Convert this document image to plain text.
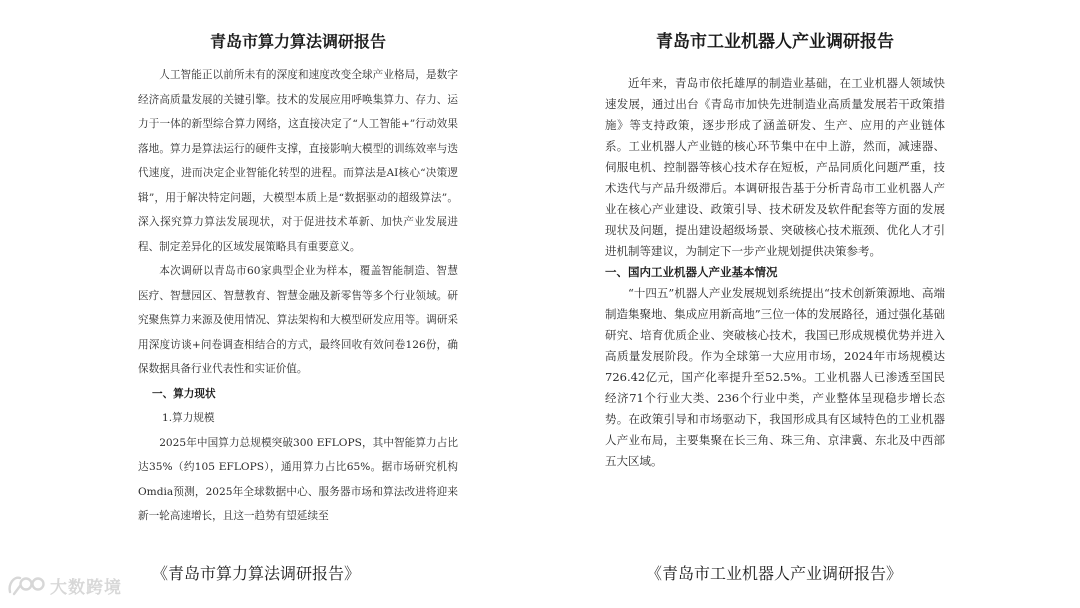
青岛市算力算法调研报告

人工智能正以前所未有的深度和速度改变全球产业格局，是数字经济高质量发展的关键引擎。技术的发展应用呼唤集算力、存力、运力于一体的新型综合算力网络，这直接决定了“人工智能+”行动效果落地。算力是算法运行的硬件支撑，直接影响大模型的训练效率与迭代速度，进而决定企业智能化转型的进程。而算法是AI核心“决策逻辑”，用于解决特定问题，大模型本质上是“数据驱动的超级算法”。深入探究算力算法发展现状，对于促进技术革新、加快产业发展进程、制定差异化的区域发展策略具有重要意义。

本次调研以青岛市60家典型企业为样本，覆盖智能制造、智慧医疗、智慧园区、智慧教育、智慧金融及新零售等多个行业领域。研究聚焦算力来源及使用情况、算法架构和大模型研发应用等。调研采用深度访谈+问卷调查相结合的方式，最终回收有效问卷126份，确保数据具备行业代表性和实证价值。

一、算力现状

1.算力规模

2025年中国算力总规模突破300 EFLOPS，其中智能算力占比达35%（约105 EFLOPS），通用算力占比65%。据市场研究机构Omdia预测，2025年全球数据中心、服务器市场和算法改进将迎来新一轮高速增长，且这一趋势有望延续至

青岛市工业机器人产业调研报告

近年来，青岛市依托雄厚的制造业基础，在工业机器人领域快速发展，通过出台《青岛市加快先进制造业高质量发展若干政策措施》等支持政策，逐步形成了涵盖研发、生产、应用的产业链体系。工业机器人产业链的核心环节集中在中上游，然而，减速器、伺服电机、控制器等核心技术存在短板，产品同质化问题严重，技术迭代与产品升级滞后。本调研报告基于分析青岛市工业机器人产业在核心产业建设、政策引导、技术研发及软件配套等方面的发展现状及问题，提出建设超级场景、突破核心技术瓶颈、优化人才引进机制等建议，为制定下一步产业规划提供决策参考。

一、国内工业机器人产业基本情况

“十四五”机器人产业发展规划系统提出“技术创新策源地、高端制造集聚地、集成应用新高地”三位一体的发展路径，通过强化基础研究、培育优质企业、突破核心技术，我国已形成规模优势并进入高质量发展阶段。作为全球第一大应用市场，2024年市场规模达726.42亿元，国产化率提升至52.5%。工业机器人已渗透至国民经济71个行业大类、236个行业中类，产业整体呈现稳步增长态势。在政策引导和市场驱动下，我国形成具有区域特色的工业机器人产业布局，主要集聚在长三角、珠三角、京津冀、东北及中西部五大区域。

《青岛市算力算法调研报告》	《青岛市工业机器人产业调研报告》
大数跨境
